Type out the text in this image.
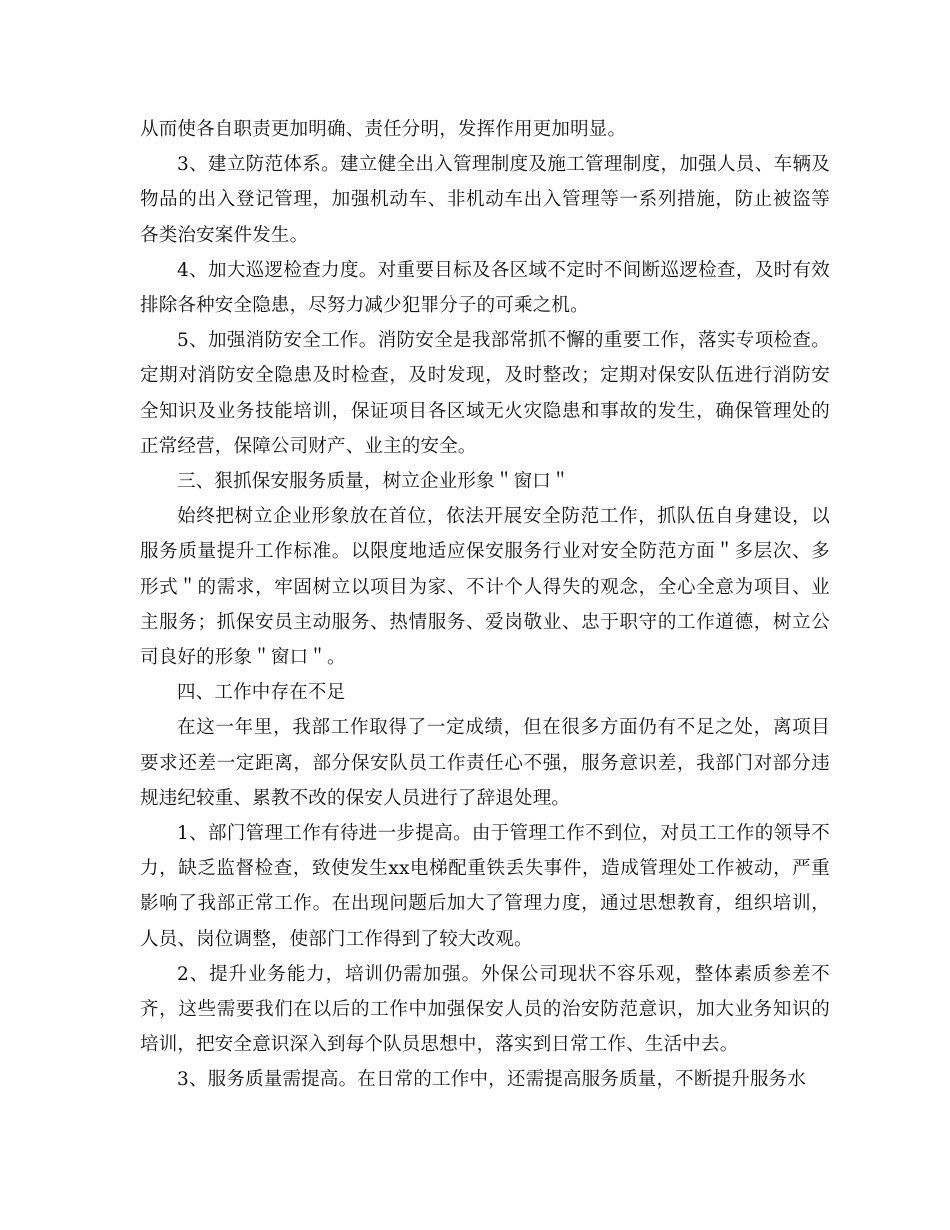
从而使各自职责更加明确、责任分明，发挥作用更加明显。

3、建立防范体系。建立健全出入管理制度及施工管理制度，加强人员、车辆及物品的出入登记管理，加强机动车、非机动车出入管理等一系列措施，防止被盗等各类治安案件发生。

4、加大巡逻检查力度。对重要目标及各区域不定时不间断巡逻检查，及时有效排除各种安全隐患，尽努力减少犯罪分子的可乘之机。

5、加强消防安全工作。消防安全是我部常抓不懈的重要工作，落实专项检查。定期对消防安全隐患及时检查，及时发现，及时整改；定期对保安队伍进行消防安全知识及业务技能培训，保证项目各区域无火灾隐患和事故的发生，确保管理处的正常经营，保障公司财产、业主的安全。

三、狠抓保安服务质量，树立企业形象＂窗口＂

始终把树立企业形象放在首位，依法开展安全防范工作，抓队伍自身建设，以服务质量提升工作标准。以限度地适应保安服务行业对安全防范方面＂多层次、多形式＂的需求，牢固树立以项目为家、不计个人得失的观念，全心全意为项目、业主服务；抓保安员主动服务、热情服务、爱岗敬业、忠于职守的工作道德，树立公司良好的形象＂窗口＂。

四、工作中存在不足

在这一年里，我部工作取得了一定成绩，但在很多方面仍有不足之处，离项目要求还差一定距离，部分保安队员工作责任心不强，服务意识差，我部门对部分违规违纪较重、累教不改的保安人员进行了辞退处理。

1、部门管理工作有待进一步提高。由于管理工作不到位，对员工工作的领导不力，缺乏监督检查，致使发生xx电梯配重铁丢失事件，造成管理处工作被动，严重影响了我部正常工作。在出现问题后加大了管理力度，通过思想教育，组织培训，人员、岗位调整，使部门工作得到了较大改观。

2、提升业务能力，培训仍需加强。外保公司现状不容乐观，整体素质参差不齐，这些需要我们在以后的工作中加强保安人员的治安防范意识，加大业务知识的培训，把安全意识深入到每个队员思想中，落实到日常工作、生活中去。

3、服务质量需提高。在日常的工作中，还需提高服务质量，不断提升服务水
